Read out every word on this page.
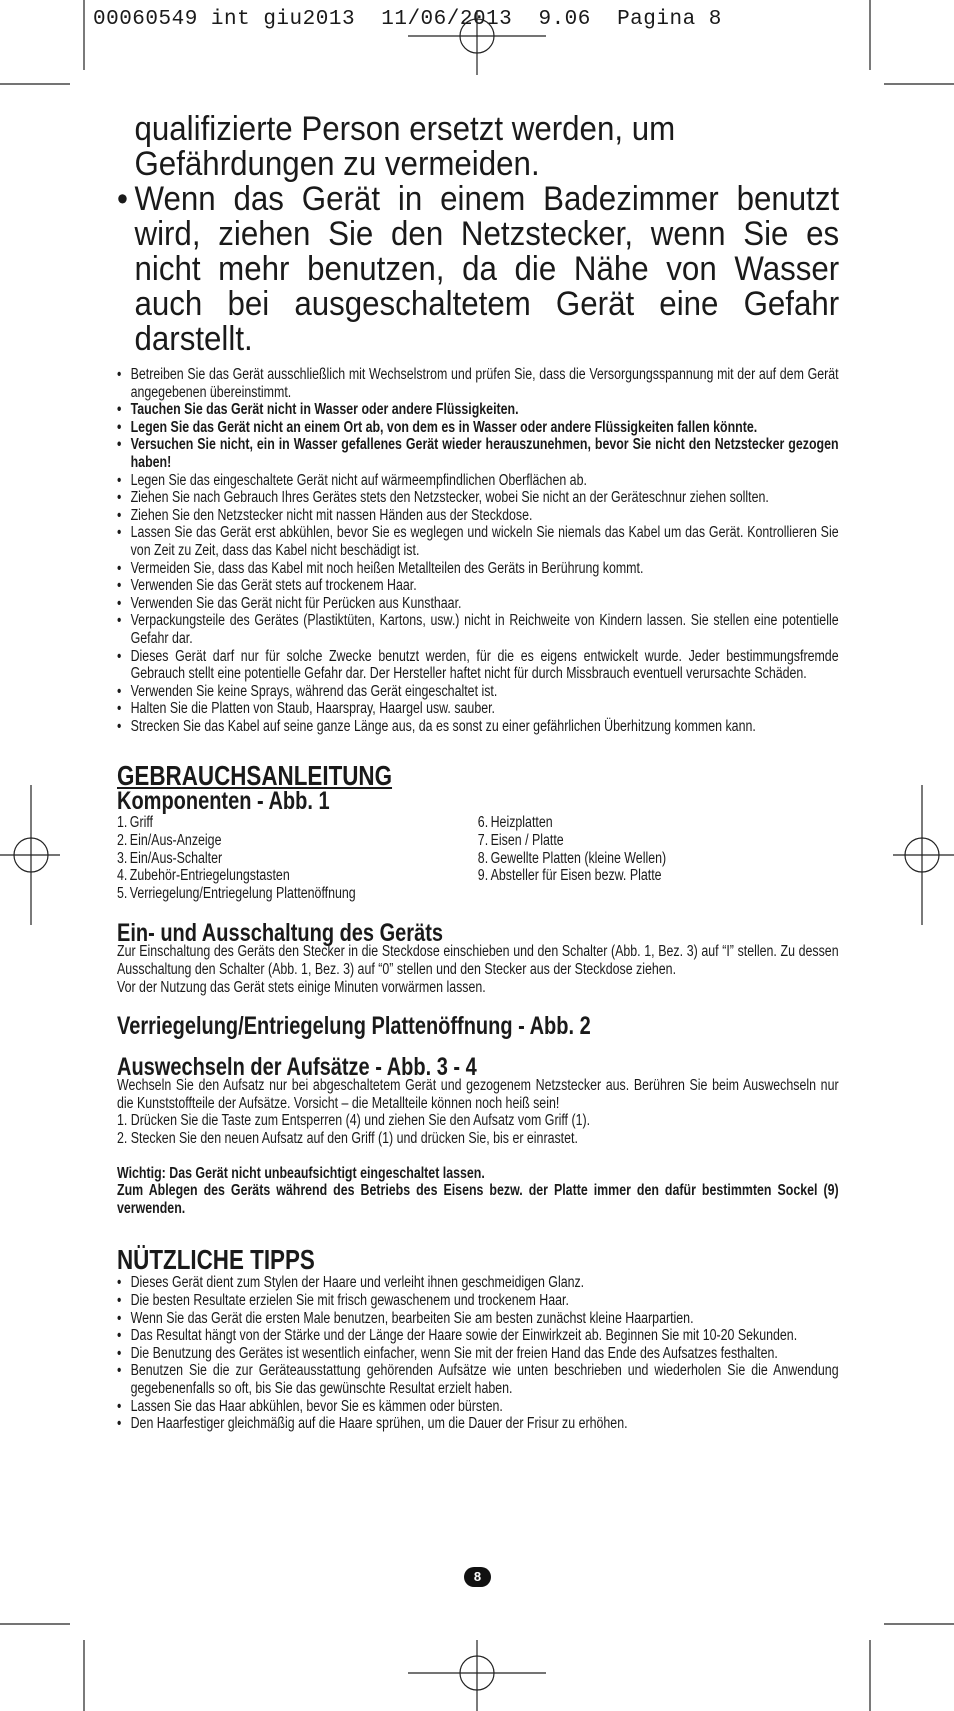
00060549 int giu2013  11/06/2013  9.06  Pagina 8
qualifizierte Person ersetzt werden, um Gefährdungen zu vermeiden.
• Wenn das Gerät in einem Badezimmer benutzt wird, ziehen Sie den Netzstecker, wenn Sie es nicht mehr benutzen, da die Nähe von Wasser auch bei ausgeschaltetem Gerät eine Gefahr darstellt.
• Betreiben Sie das Gerät ausschließlich mit Wechselstrom und prüfen Sie, dass die Versorgungsspannung mit der auf dem Gerät angegebenen übereinstimmt.
• Tauchen Sie das Gerät nicht in Wasser oder andere Flüssigkeiten.
• Legen Sie das Gerät nicht an einem Ort ab, von dem es in Wasser oder andere Flüssigkeiten fallen könnte.
• Versuchen Sie nicht, ein in Wasser gefallenes Gerät wieder herauszunehmen, bevor Sie nicht den Netzstecker gezogen haben!
• Legen Sie das eingeschaltete Gerät nicht auf wärmeempfindlichen Oberflächen ab.
• Ziehen Sie nach Gebrauch Ihres Gerätes stets den Netzstecker, wobei Sie nicht an der Geräteschnur ziehen sollten.
• Ziehen Sie den Netzstecker nicht mit nassen Händen aus der Steckdose.
• Lassen Sie das Gerät erst abkühlen, bevor Sie es weglegen und wickeln Sie niemals das Kabel um das Gerät. Kontrollieren Sie von Zeit zu Zeit, dass das Kabel nicht beschädigt ist.
• Vermeiden Sie, dass das Kabel mit noch heißen Metallteilen des Geräts in Berührung kommt.
• Verwenden Sie das Gerät stets auf trockenem Haar.
• Verwenden Sie das Gerät nicht für Perücken aus Kunsthaar.
• Verpackungsteile des Gerätes (Plastiktüten, Kartons, usw.) nicht in Reichweite von Kindern lassen. Sie stellen eine potentielle Gefahr dar.
• Dieses Gerät darf nur für solche Zwecke benutzt werden, für die es eigens entwickelt wurde. Jeder bestimmungsfremde Gebrauch stellt eine potentielle Gefahr dar. Der Hersteller haftet nicht für durch Missbrauch eventuell verursachte Schäden.
• Verwenden Sie keine Sprays, während das Gerät eingeschaltet ist.
• Halten Sie die Platten von Staub, Haarspray, Haargel usw. sauber.
• Strecken Sie das Kabel auf seine ganze Länge aus, da es sonst zu einer gefährlichen Überhitzung kommen kann.
GEBRAUCHSANLEITUNG
Komponenten - Abb. 1
1. Griff
2. Ein/Aus-Anzeige
3. Ein/Aus-Schalter
4. Zubehör-Entriegelungstasten
5. Verriegelung/Entriegelung Plattenöffnung
6. Heizplatten
7. Eisen / Platte
8. Gewellte Platten (kleine Wellen)
9. Absteller für Eisen bezw. Platte
Ein- und Ausschaltung des Geräts
Zur Einschaltung des Geräts den Stecker in die Steckdose einschieben und den Schalter (Abb. 1, Bez. 3) auf “I” stellen. Zu dessen Ausschaltung den Schalter (Abb. 1, Bez. 3) auf “0” stellen und den Stecker aus der Steckdose ziehen.
Vor der Nutzung das Gerät stets einige Minuten vorwärmen lassen.
Verriegelung/Entriegelung Plattenöffnung - Abb. 2
Auswechseln der Aufsätze - Abb. 3 - 4
Wechseln Sie den Aufsatz nur bei abgeschaltetem Gerät und gezogenem Netzstecker aus. Berühren Sie beim Auswechseln nur die Kunststoffteile der Aufsätze. Vorsicht – die Metallteile können noch heiß sein!
1. Drücken Sie die Taste zum Entsperren (4) und ziehen Sie den Aufsatz vom Griff (1).
2. Stecken Sie den neuen Aufsatz auf den Griff (1) und drücken Sie, bis er einrastet.
Wichtig: Das Gerät nicht unbeaufsichtigt eingeschaltet lassen.
Zum Ablegen des Geräts während des Betriebs des Eisens bezw. der Platte immer den dafür bestimmten Sockel (9) verwenden.
NÜTZLICHE TIPPS
• Dieses Gerät dient zum Stylen der Haare und verleiht ihnen geschmeidigen Glanz.
• Die besten Resultate erzielen Sie mit frisch gewaschenem und trockenem Haar.
• Wenn Sie das Gerät die ersten Male benutzen, bearbeiten Sie am besten zunächst kleine Haarpartien.
• Das Resultat hängt von der Stärke und der Länge der Haare sowie der Einwirkzeit ab. Beginnen Sie mit 10-20 Sekunden.
• Die Benutzung des Gerätes ist wesentlich einfacher, wenn Sie mit der freien Hand das Ende des Aufsatzes festhalten.
• Benutzen Sie die zur Geräteausstattung gehörenden Aufsätze wie unten beschrieben und wiederholen Sie die Anwendung gegebenenfalls so oft, bis Sie das gewünschte Resultat erzielt haben.
• Lassen Sie das Haar abkühlen, bevor Sie es kämmen oder bürsten.
• Den Haarfestiger gleichmäßig auf die Haare sprühen, um die Dauer der Frisur zu erhöhen.
8
